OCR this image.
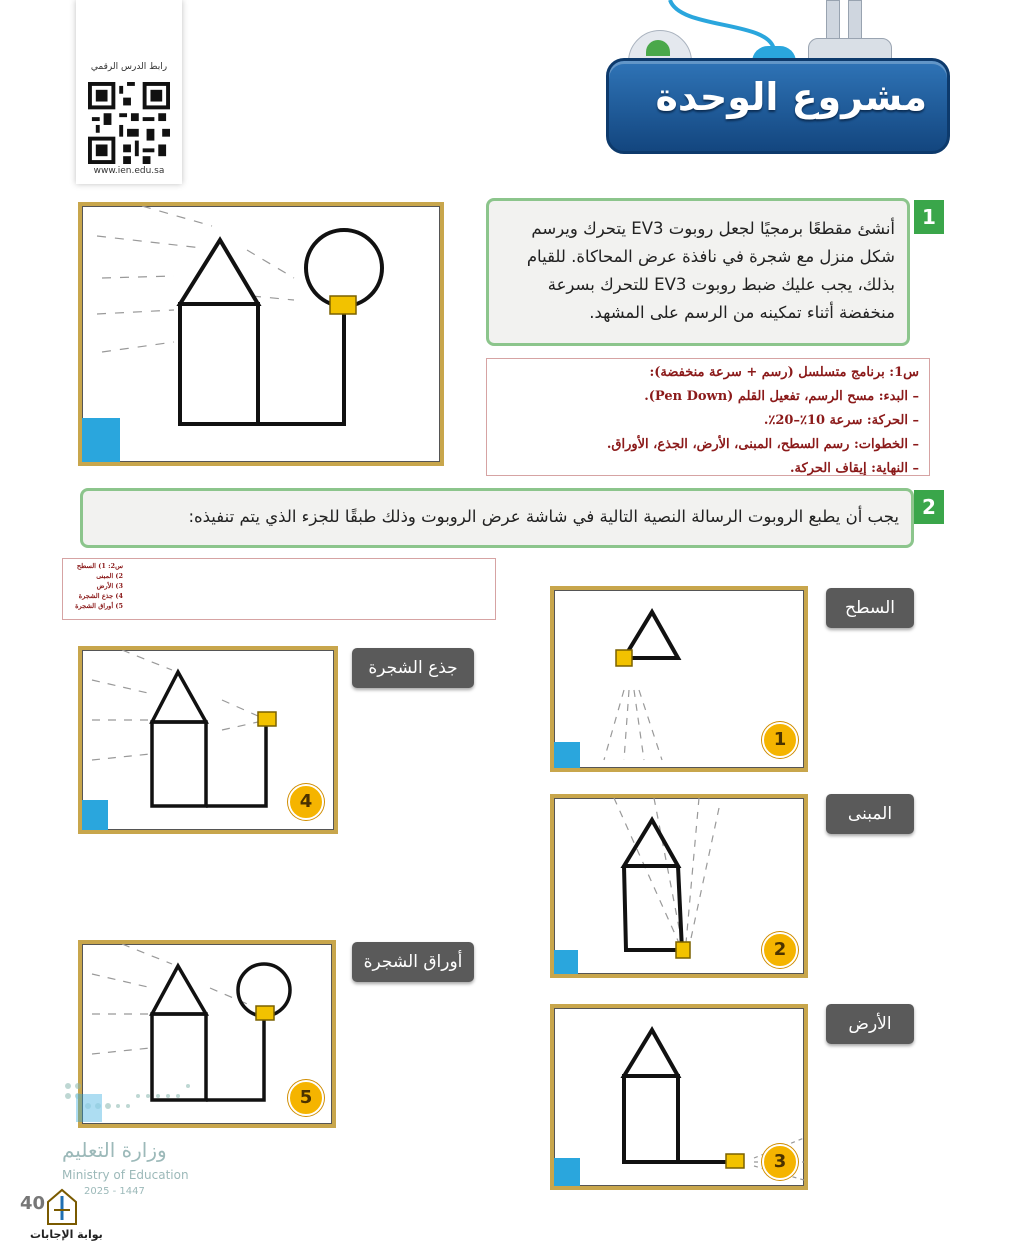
رابط الدرس الرقمي
www.ien.edu.sa
مشروع الوحدة
أنشئ مقطعًا برمجيًا لجعل روبوت EV3 يتحرك ويرسم شكل منزل مع شجرة في نافذة عرض المحاكاة. للقيام بذلك، يجب عليك ضبط روبوت EV3 للتحرك بسرعة منخفضة أثناء تمكينه من الرسم على المشهد.
1
س1: برنامج متسلسل (رسم + سرعة منخفضة):
– البدء: مسح الرسم، تفعيل القلم (Pen Down).
– الحركة: سرعة 10٪–20٪.
– الخطوات: رسم السطح، المبنى، الأرض، الجذع، الأوراق.
– النهاية: إيقاف الحركة.
يجب أن يطبع الروبوت الرسالة النصية التالية في شاشة عرض الروبوت وذلك طبقًا للجزء الذي يتم تنفيذه:	2
س2: 1) السطح
2) المبنى
3) الأرض
4) جذع الشجرة
5) أوراق الشجرة
1
السطح
2
المبنى
3
الأرض
4
جذع الشجرة
5
أوراق الشجرة
وزارة التعليم
Ministry of Education
2025 - 1447
40
بوابة الإجابات
